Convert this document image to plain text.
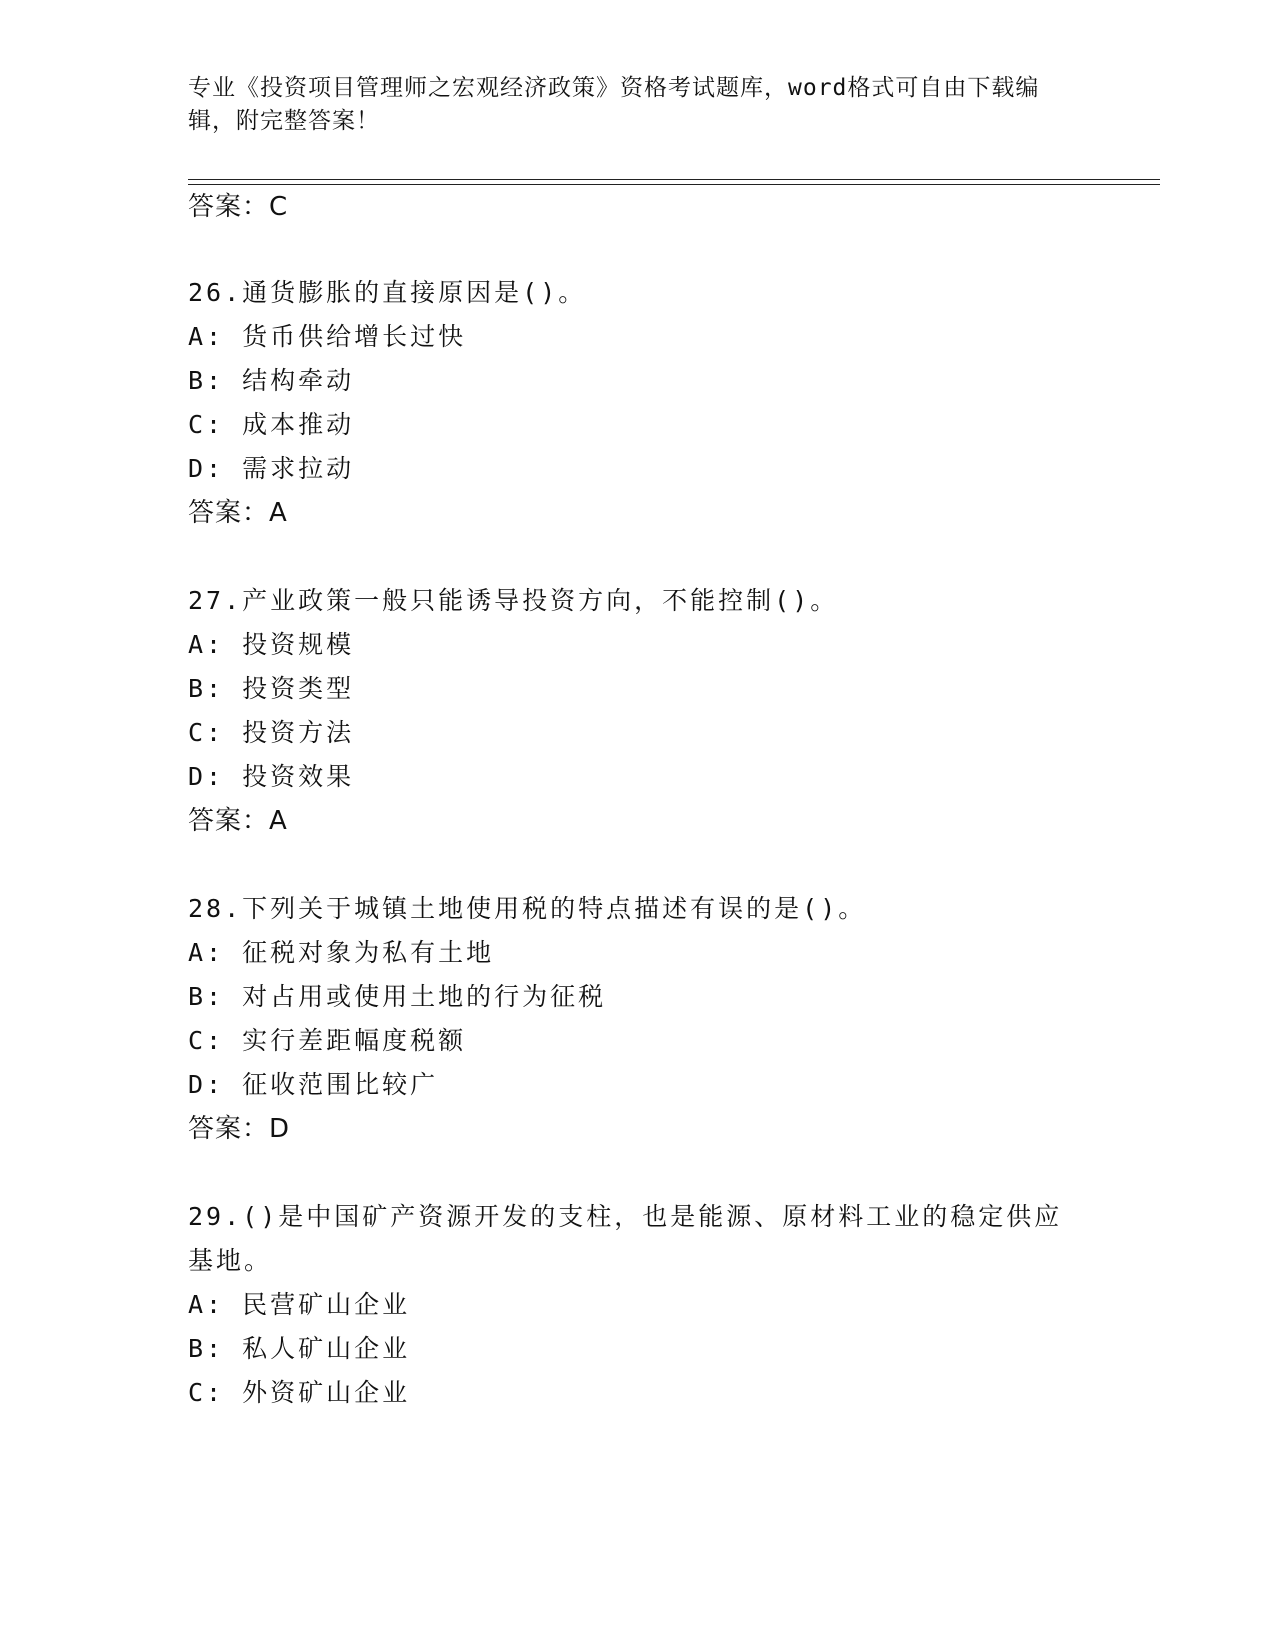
专业《投资项目管理师之宏观经济政策》资格考试题库，word格式可自由下载编
辑，附完整答案！
答案：C
26.通货膨胀的直接原因是()。
A: 货币供给增长过快
B: 结构牵动
C: 成本推动
D: 需求拉动
答案：A
27.产业政策一般只能诱导投资方向，不能控制()。
A: 投资规模
B: 投资类型
C: 投资方法
D: 投资效果
答案：A
28.下列关于城镇土地使用税的特点描述有误的是()。
A: 征税对象为私有土地
B: 对占用或使用土地的行为征税
C: 实行差距幅度税额
D: 征收范围比较广
答案：D
29.()是中国矿产资源开发的支柱，也是能源、原材料工业的稳定供应
基地。
A: 民营矿山企业
B: 私人矿山企业
C: 外资矿山企业
